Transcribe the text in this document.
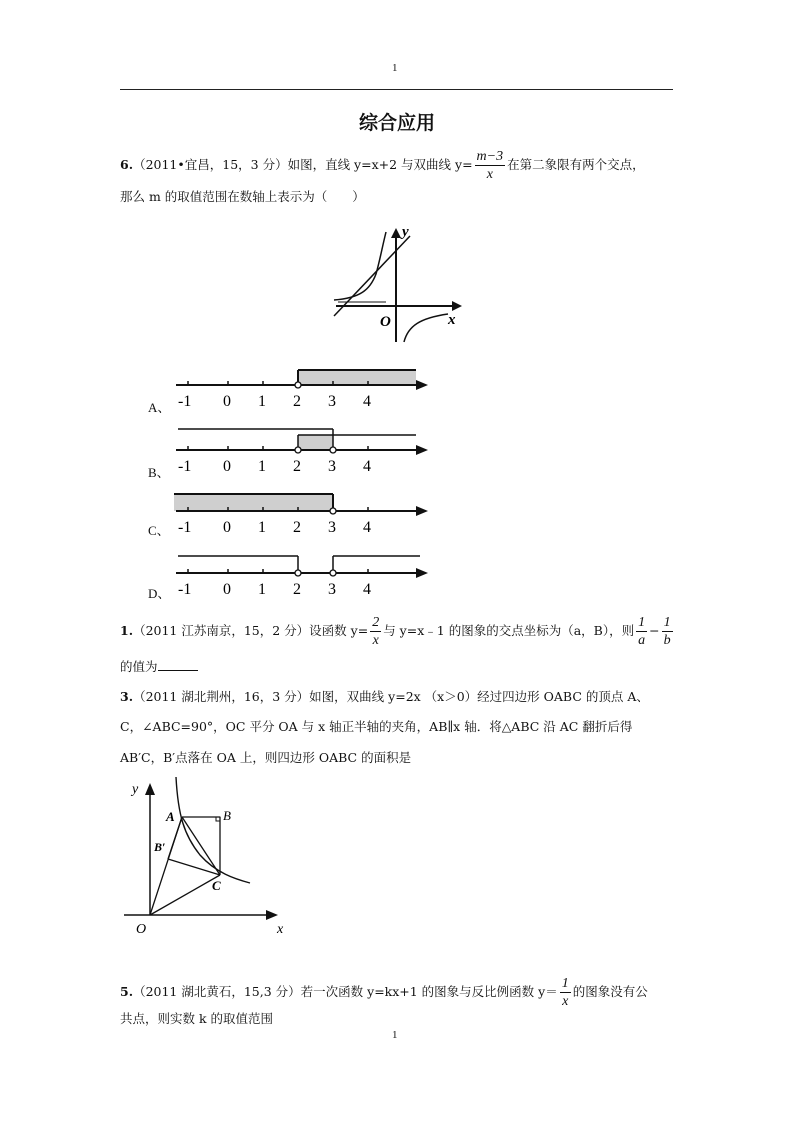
1
综合应用
6.（2011•宜昌，15，3 分）如图，直线 y=x+2 与双曲线 $y= \frac{m-3}{x}$ 在第二象限有两个交点，
那么 m 的取值范围在数轴上表示为（　　）
O
y
x
A、 -1 0 1 2 3 4
B、 -1 0 1 2 3 4
C、 -1 0 1 2 3 4
D、 -1 0 1 2 3 4
1.（2011 江苏南京，15，2 分）设函数 $y= \frac{2}{x}$ 与 y=x﹣1 的图象的交点坐标为（a，B），则 $\frac{1}{a} - \frac{1}{b}$
的值为
3.（2011 湖北荆州，16，3 分）如图，双曲线 y=2x （x＞0）经过四边形 OABC 的顶点 A、
C，∠ABC=90°，OC 平分 OA 与 x 轴正半轴的夹角，AB∥x 轴．将△ABC 沿 AC 翻折后得
AB′C，B′点落在 OA 上，则四边形 OABC 的面积是
y
x
O
A	B
B′
C
5.（2011 湖北黄石，15,3 分）若一次函数 y=kx+1 的图象与反比例函数 $y= \frac{1}{x}$ 的图象没有公
共点，则实数 k 的取值范围
1
